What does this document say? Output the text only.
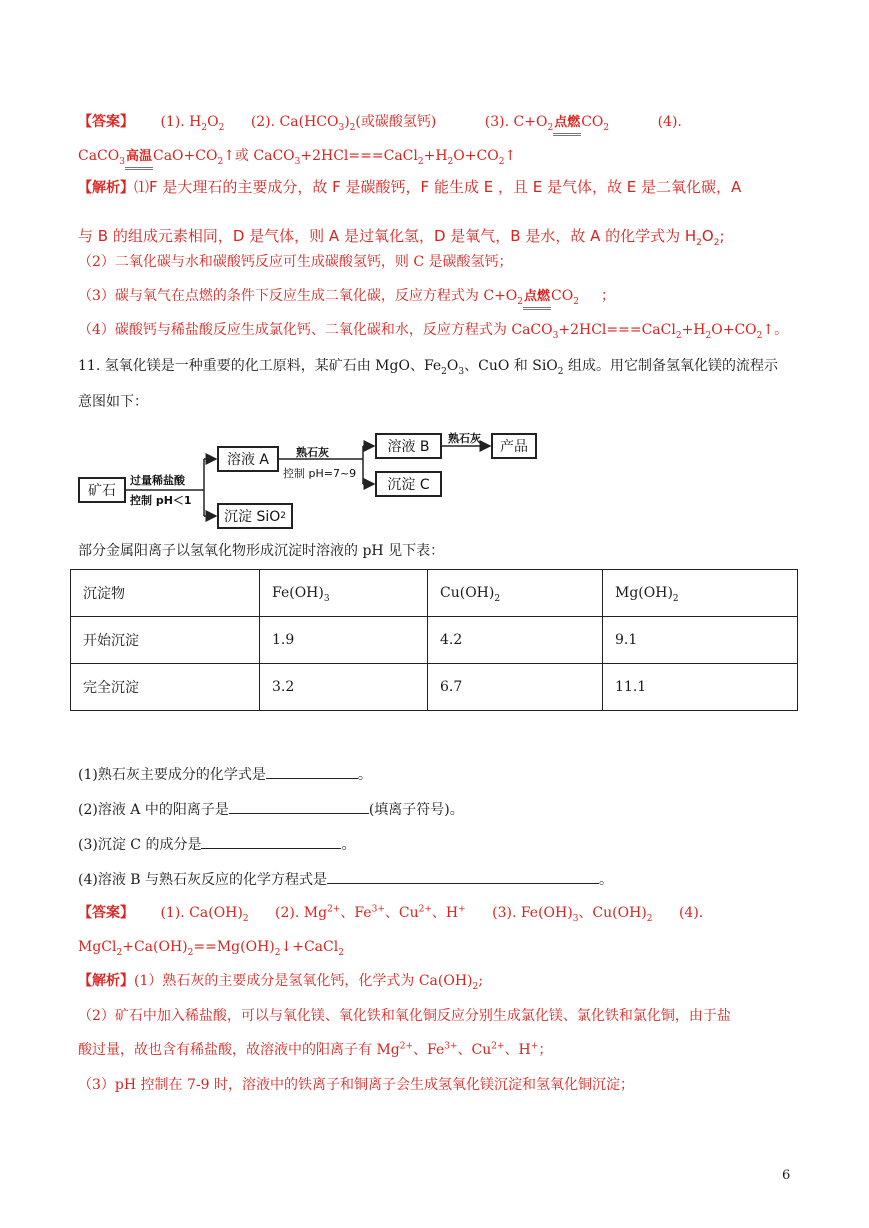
【答案】 (1). $H_2O_2$ (2). $Ca(HCO_3)_2$(或碳酸氢钙)	(3). $C+O_2$点燃$CO_2$	(4).
CaCO$_3$高温$CaO+CO_2↑$或 $CaCO_3+2HCl===CaCl_2+H_2O+CO_2↑$
【解析】⑴F 是大理石的主要成分，故 F 是碳酸钙，F 能生成 E ，且 E 是气体，故 E 是二氧化碳，A
与 B 的组成元素相同，D 是气体，则 A 是过氧化氢，D 是氧气，B 是水，故 A 的化学式为 $H_2O_2$;
（2）二氧化碳与水和碳酸钙反应可生成碳酸氢钙，则 C 是碳酸氢钙；
（3）碳与氧气在点燃的条件下反应生成二氧化碳，反应方程式为 $C+O_2$点燃$CO_2$ ；
（4）碳酸钙与稀盐酸反应生成氯化钙、二氧化碳和水，反应方程式为 $CaCO_3+2HCl===CaCl_2+H_2O+CO_2↑$。
11. 氢氧化镁是一种重要的化工原料，某矿石由 MgO、$Fe_2O_3$、CuO 和 SiO$_2$ 组成。用它制备氢氧化镁的流程示
意图如下：
矿石
过量稀盐酸
控制 pH＜1
溶液 A
沉淀 SiO 2
熟石灰
控制 pH=7~9
溶液 B
沉淀 C
熟石灰
产品
部分金属阳离子以氢氧化物形成沉淀时溶液的 pH 见下表：
沉淀物	$Fe(OH)_3$	$Cu(OH)_2$	$Mg(OH)_2$
开始沉淀	1.9	4.2	9.1
完全沉淀	3.2	6.7	11.1
(1)熟石灰主要成分的化学式是	。
(2)溶液 A 中的阳离子是	(填离子符号)。
(3)沉淀 C 的成分是	。
(4)溶液 B 与熟石灰反应的化学方程式是	。
【答案】 (1). $Ca(OH)_2$ (2). $Mg^{2+}$、$Fe^{3+}$、$Cu^{2+}$、H+ (3). $Fe(OH)_3$、$Cu(OH)_2$ (4).
$MgCl_2+Ca(OH)_2==Mg(OH)_2↓+CaCl_2$
【解析】(1）熟石灰的主要成分是氢氧化钙，化学式为 $Ca(OH)_2$;
（2）矿石中加入稀盐酸，可以与氧化镁、氧化铁和氧化铜反应分别生成氯化镁、氯化铁和氯化铜，由于盐
酸过量，故也含有稀盐酸，故溶液中的阳离子有 $Mg^{2+}$、$Fe^{3+}$、$Cu^{2+}$、H+；
（3）pH 控制在 7-9 时，溶液中的铁离子和铜离子会生成氢氧化镁沉淀和氢氧化铜沉淀；
6
